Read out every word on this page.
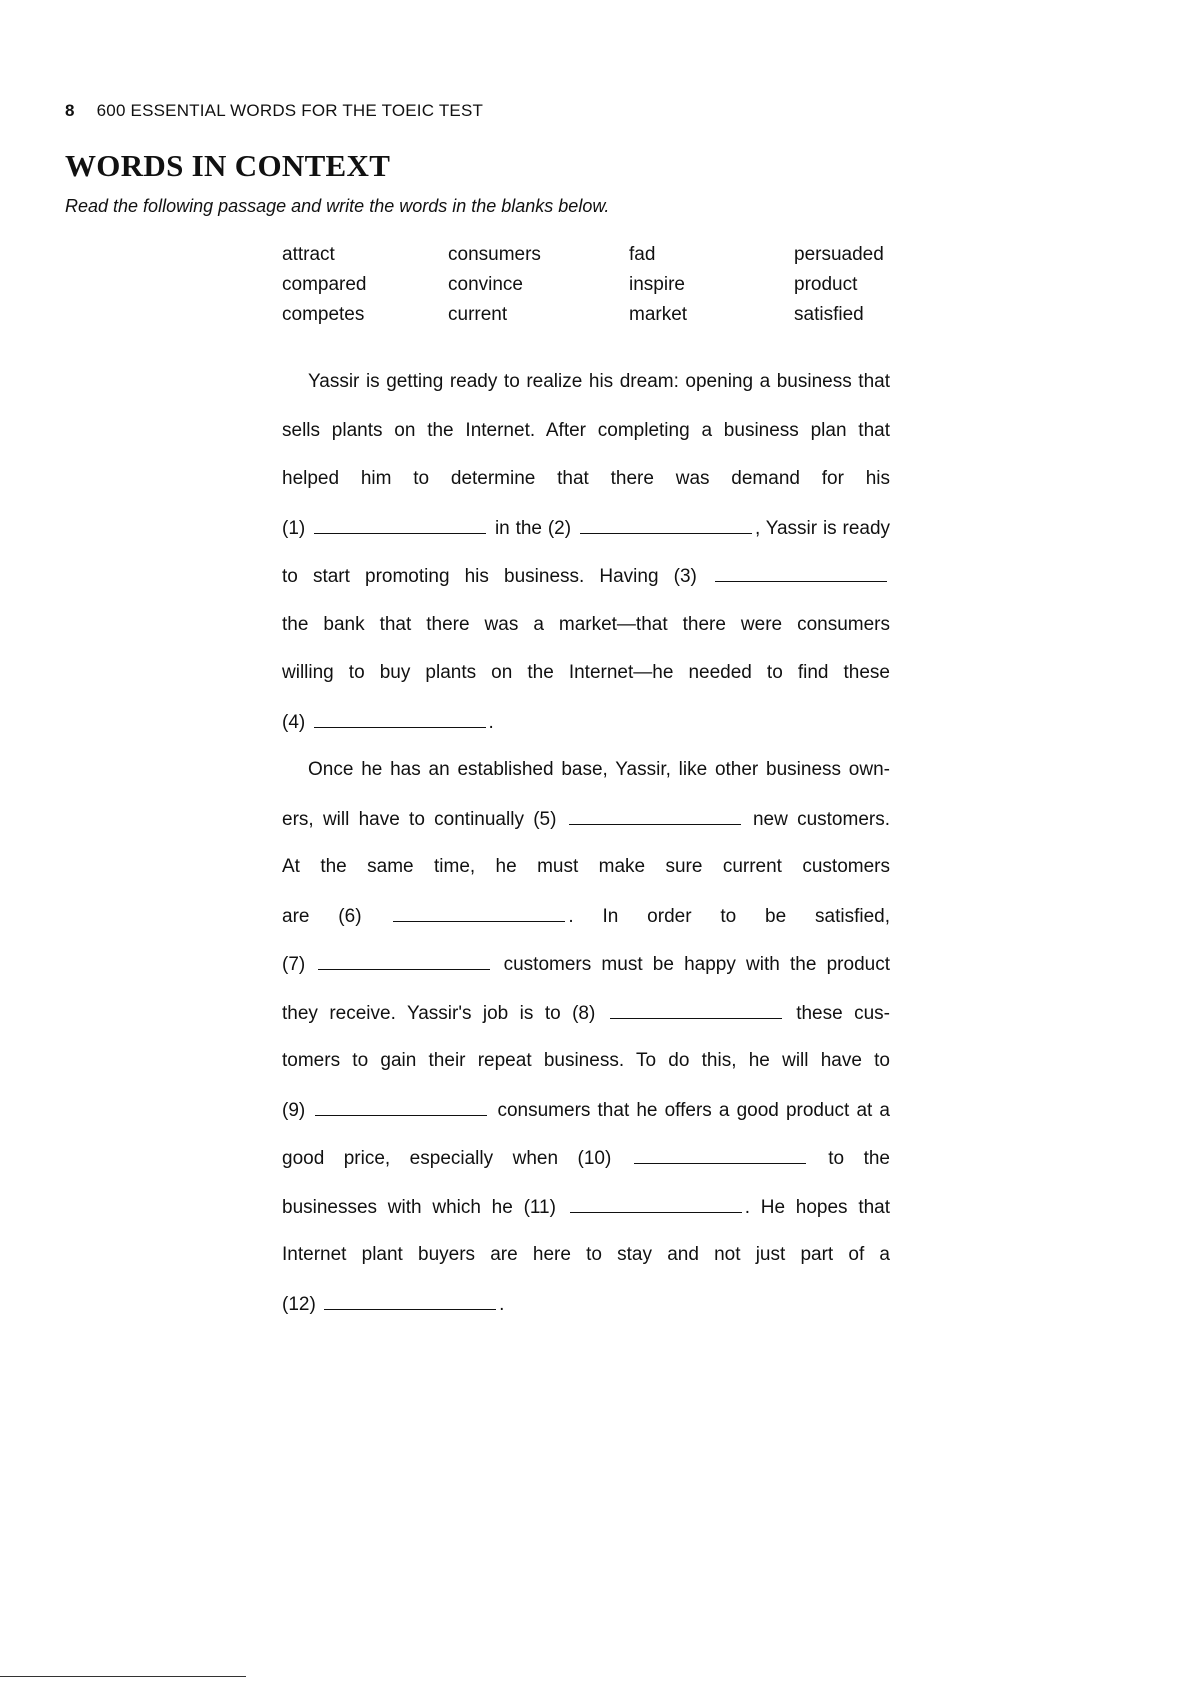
8 600 ESSENTIAL WORDS FOR THE TOEIC TEST
WORDS IN CONTEXT
Read the following passage and write the words in the blanks below.
attract	consumers	fad	persuaded
compared	convince	inspire	product
competes	current	market	satisfied
Yassir is getting ready to realize his dream: opening a business that
sells plants on the Internet. After completing a business plan that
helped him to determine that there was demand for his
(1)	in the (2)	, Yassir is ready
to start promoting his business. Having (3)
the bank that there was a market—that there were consumers
willing to buy plants on the Internet—he needed to find these
(4)	.
Once he has an established base, Yassir, like other business own-
ers, will have to continually (5)	new customers.
At the same time, he must make sure current customers
are (6)	. In order to be satisfied,
(7)	customers must be happy with the product
they receive. Yassir's job is to (8)	these cus-
tomers to gain their repeat business. To do this, he will have to
(9)	consumers that he offers a good product at a
good price, especially when (10)	to the
businesses with which he (11)	. He hopes that
Internet plant buyers are here to stay and not just part of a
(12)	.
